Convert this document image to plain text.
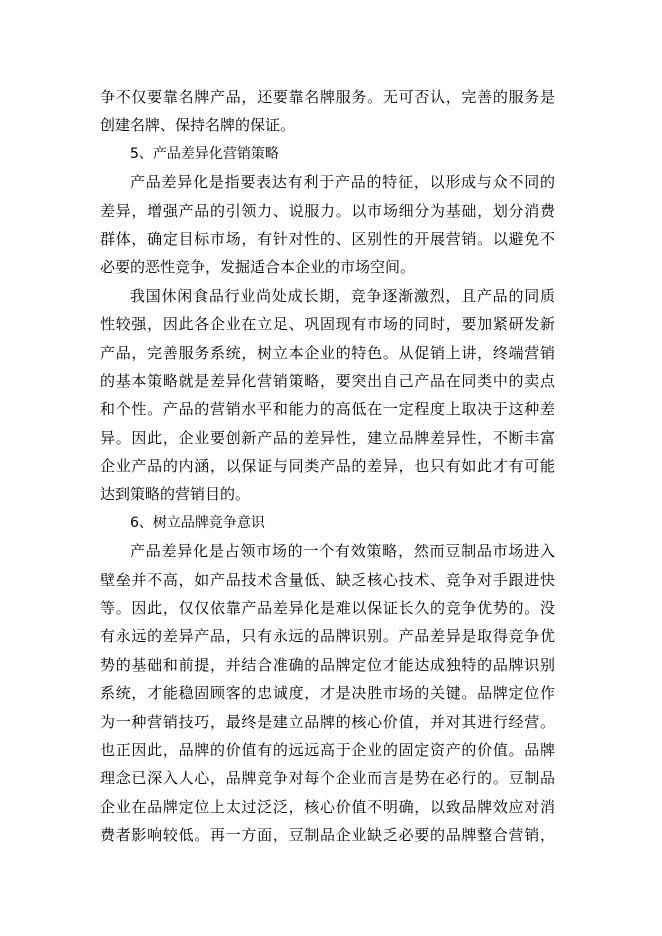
争不仅要靠名牌产品，还要靠名牌服务。无可否认，完善的服务是
创建名牌、保持名牌的保证。
5、产品差异化营销策略
产品差异化是指要表达有利于产品的特征，以形成与众不同的
差异，增强产品的引领力、说服力。以市场细分为基础，划分消费
群体，确定目标市场，有针对性的、区别性的开展营销。以避免不
必要的恶性竞争，发掘适合本企业的市场空间。
我国休闲食品行业尚处成长期，竞争逐渐激烈，且产品的同质
性较强，因此各企业在立足、巩固现有市场的同时，要加紧研发新
产品，完善服务系统，树立本企业的特色。从促销上讲，终端营销
的基本策略就是差异化营销策略，要突出自己产品在同类中的卖点
和个性。产品的营销水平和能力的高低在一定程度上取决于这种差
异。因此，企业要创新产品的差异性，建立品牌差异性，不断丰富
企业产品的内涵，以保证与同类产品的差异，也只有如此才有可能
达到策略的营销目的。
6、树立品牌竞争意识
产品差异化是占领市场的一个有效策略，然而豆制品市场进入
壁垒并不高，如产品技术含量低、缺乏核心技术、竞争对手跟进快
等。因此，仅仅依靠产品差异化是难以保证长久的竞争优势的。没
有永远的差异产品，只有永远的品牌识别。产品差异是取得竞争优
势的基础和前提，并结合准确的品牌定位才能达成独特的品牌识别
系统，才能稳固顾客的忠诚度，才是决胜市场的关键。品牌定位作
为一种营销技巧，最终是建立品牌的核心价值，并对其进行经营。
也正因此，品牌的价值有的远远高于企业的固定资产的价值。品牌
理念已深入人心，品牌竞争对每个企业而言是势在必行的。豆制品
企业在品牌定位上太过泛泛，核心价值不明确，以致品牌效应对消
费者影响较低。再一方面，豆制品企业缺乏必要的品牌整合营销，
